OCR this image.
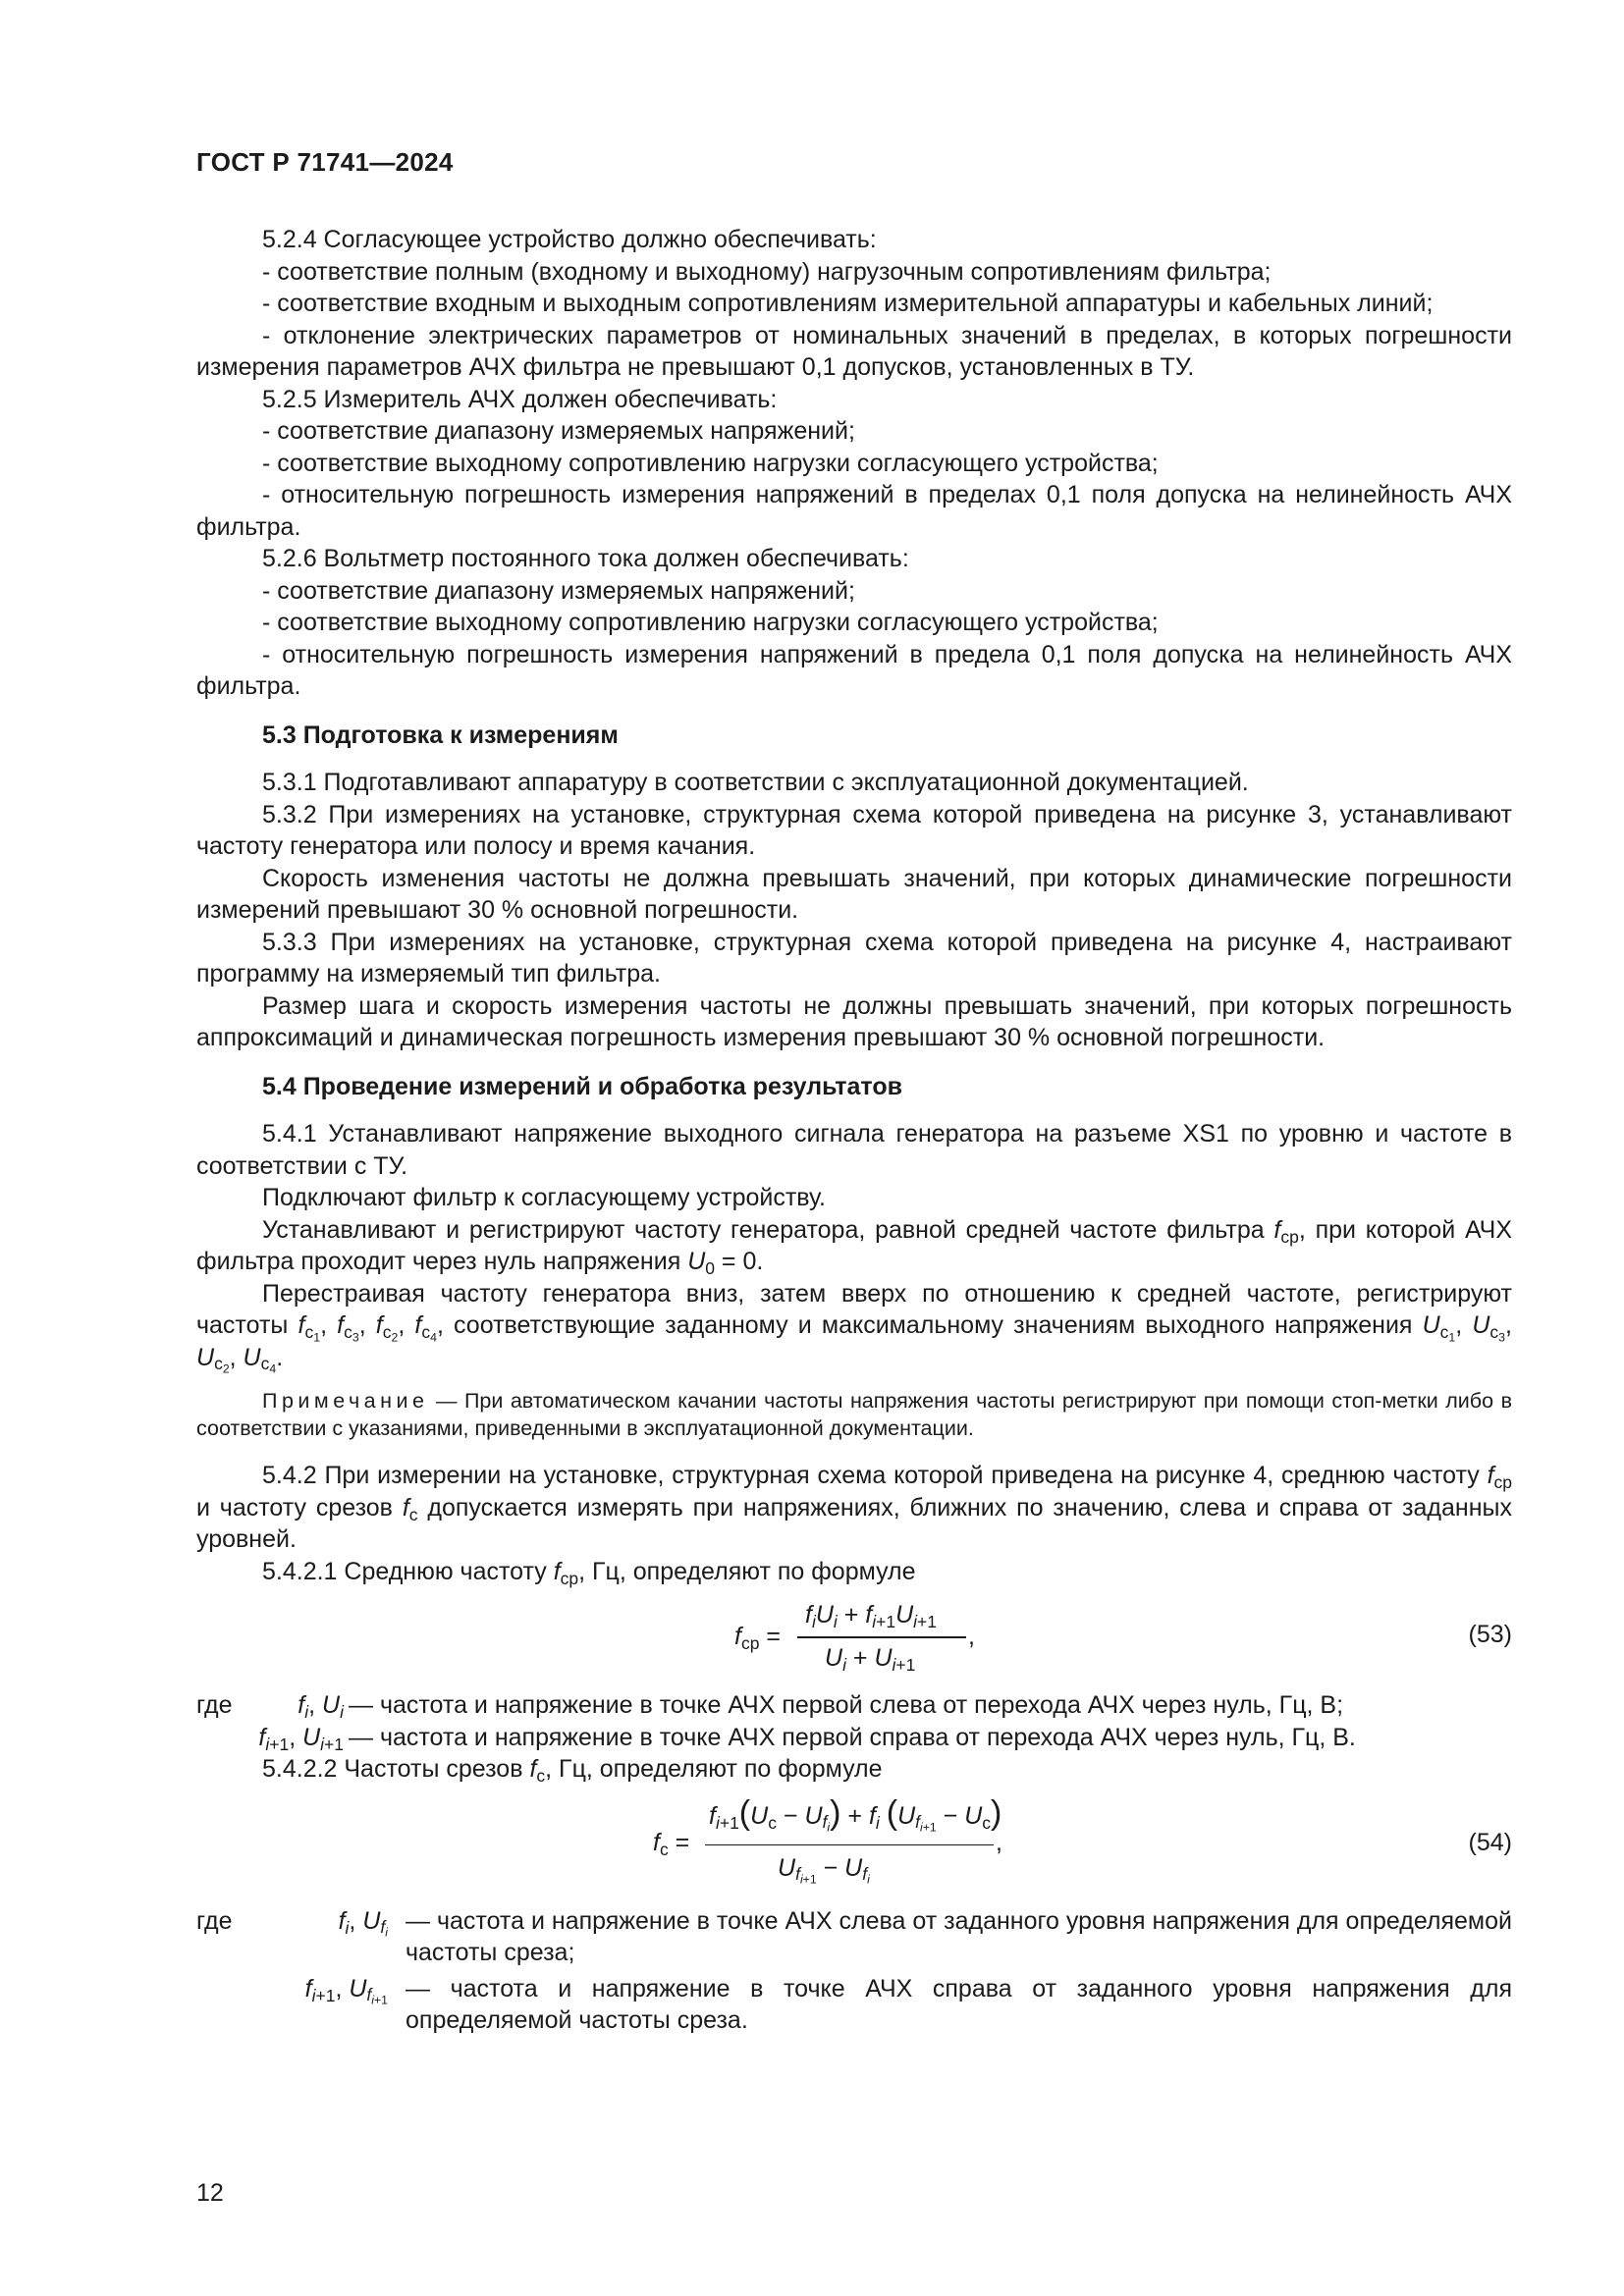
ГОСТ Р 71741—2024

5.2.4 Согласующее устройство должно обеспечивать:

- соответствие полным (входному и выходному) нагрузочным сопротивлениям фильтра;

- соответствие входным и выходным сопротивлениям измерительной аппаратуры и кабельных линий;

- отклонение электрических параметров от номинальных значений в пределах, в которых погрешности измерения параметров АЧХ фильтра не превышают 0,1 допусков, установленных в ТУ.

5.2.5 Измеритель АЧХ должен обеспечивать:

- соответствие диапазону измеряемых напряжений;

- соответствие выходному сопротивлению нагрузки согласующего устройства;

- относительную погрешность измерения напряжений в пределах 0,1 поля допуска на нелинейность АЧХ фильтра.

5.2.6 Вольтметр постоянного тока должен обеспечивать:

- соответствие диапазону измеряемых напряжений;

- соответствие выходному сопротивлению нагрузки согласующего устройства;

- относительную погрешность измерения напряжений в предела 0,1 поля допуска на нелинейность АЧХ фильтра.

5.3 Подготовка к измерениям

5.3.1 Подготавливают аппаратуру в соответствии с эксплуатационной документацией.

5.3.2 При измерениях на установке, структурная схема которой приведена на рисунке 3, устанавливают частоту генератора или полосу и время качания.

Скорость изменения частоты не должна превышать значений, при которых динамические погрешности измерений превышают 30 % основной погрешности.

5.3.3 При измерениях на установке, структурная схема которой приведена на рисунке 4, настраивают программу на измеряемый тип фильтра.

Размер шага и скорость измерения частоты не должны превышать значений, при которых погрешность аппроксимаций и динамическая погрешность измерения превышают 30 % основной погрешности.

5.4 Проведение измерений и обработка результатов

5.4.1 Устанавливают напряжение выходного сигнала генератора на разъеме XS1 по уровню и частоте в соответствии с ТУ.

Подключают фильтр к согласующему устройству.

Устанавливают и регистрируют частоту генератора, равной средней частоте фильтра $f_{ср}$, при которой АЧХ фильтра проходит через нуль напряжения $U_0 = 0$.

Перестраивая частоту генератора вниз, затем вверх по отношению к средней частоте, регистрируют частоты $f_{c_1}$, $f_{c_3}$, $f_{c_2}$, $f_{c_4}$, соответствующие заданному и максимальному значениям выходного напряжения $U_{c_1}$, $U_{c_3}$, $U_{c_2}$, $U_{c_4}$.

Примечание — При автоматическом качании частоты напряжения частоты регистрируют при помощи стоп-метки либо в соответствии с указаниями, приведенными в эксплуатационной документации.

5.4.2 При измерении на установке, структурная схема которой приведена на рисунке 4, среднюю частоту $f_{ср}$ и частоту срезов $f_с$ допускается измерять при напряжениях, ближних по значению, слева и справа от заданных уровней.

5.4.2.1 Среднюю частоту $f_{ср}$, Гц, определяют по формуле

$f_{ср}$ =
$f_iU_i + f_{i+1}U_{i+1}$
$U_i + U_{i+1}$
,	(53)
где	$f_i$, $U_i$ — частота и напряжение в точке АЧХ первой слева от перехода АЧХ через нуль, Гц, В;
$f_{i+1}$, $U_{i+1}$ — частота и напряжение в точке АЧХ первой справа от перехода АЧХ через нуль, Гц, В.

5.4.2.2 Частоты срезов $f_с$, Гц, определяют по формуле

$f_c$ =
$f_{i+1}(U_c - U_{f_i}) + f_i$ $(U_{f_{i+1}} - U_c)$
$U_{f_{i+1}} - U_{f_i}$
,	(54)
где	$f_i$, $U_{f_i}$ — частота и напряжение в точке АЧХ слева от заданного уровня напряжения для определяемой частоты среза;
$f_{i+1}$, $U_{f_{i+1}}$ — частота и напряжение в точке АЧХ справа от заданного уровня напряжения для определяемой частоты среза.
12
